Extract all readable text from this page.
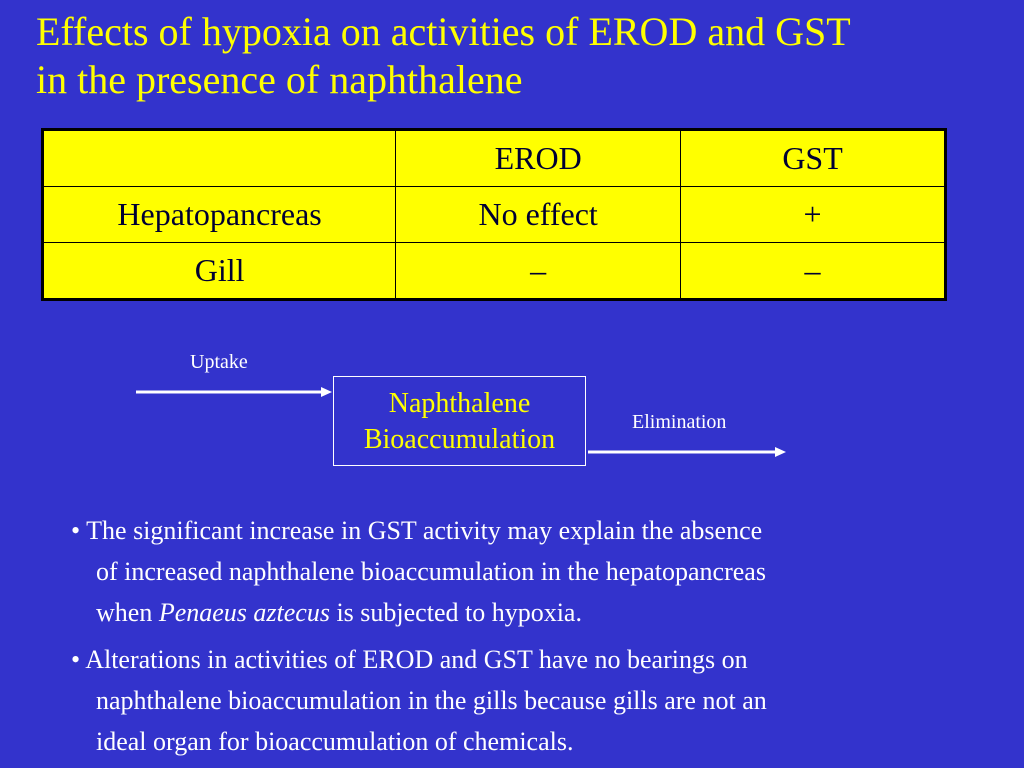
Effects of hypoxia on activities of EROD and GST
in the presence of naphthalene
	EROD	GST
Hepatopancreas	No effect	+
Gill	–	–
Uptake
Naphthalene
Bioaccumulation
Elimination
• The significant increase in GST activity may explain the absence
of increased naphthalene bioaccumulation in the hepatopancreas
when Penaeus aztecus is subjected to hypoxia.
• Alterations in activities of EROD and GST have no bearings on
naphthalene bioaccumulation in the gills because gills are not an
ideal organ for bioaccumulation of chemicals.
